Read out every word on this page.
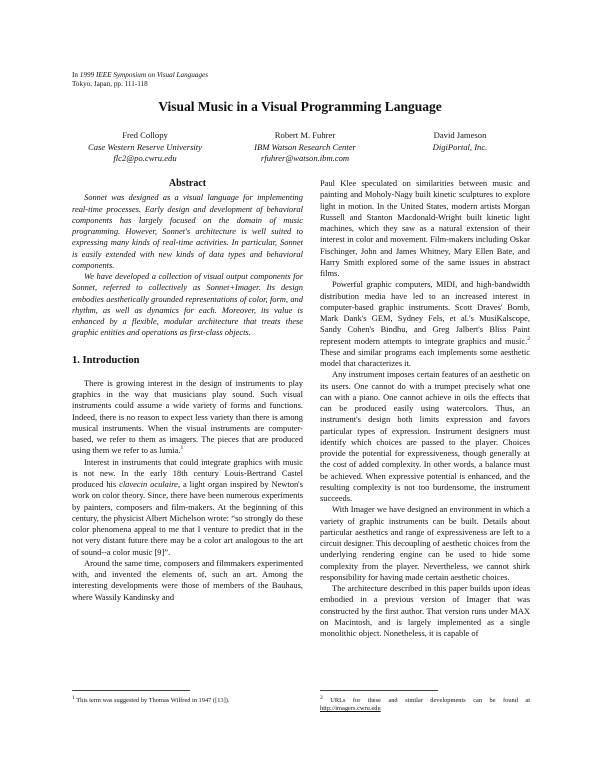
In 1999 IEEE Symposium on Visual Languages
Tokyo, Japan, pp. 111-118
Visual Music in a Visual Programming Language
Fred Collopy
Case Western Reserve University
flc2@po.cwru.edu
Robert M. Fuhrer
IBM Watson Research Center
rfuhrer@watson.ibm.com
David Jameson
DigiPortal, Inc.
Abstract

Sonnet was designed as a visual language for implementing real-time processes. Early design and development of behavioral components has largely focused on the domain of music programming. However, Sonnet's architecture is well suited to expressing many kinds of real-time activities. In particular, Sonnet is easily extended with new kinds of data types and behavioral components.

We have developed a collection of visual output components for Sonnet, referred to collectively as Sonnet+Imager. Its design embodies aesthetically grounded representations of color, form, and rhythm, as well as dynamics for each. Moreover, its value is enhanced by a flexible, modular architecture that treats these graphic entities and operations as first-class objects.

1. Introduction

There is growing interest in the design of instruments to play graphics in the way that musicians play sound. Such visual instruments could assume a wide variety of forms and functions. Indeed, there is no reason to expect less variety than there is among musical instruments. When the visual instruments are computer-based, we refer to them as imagers. The pieces that are produced using them we refer to as lumia.$^1$

Interest in instruments that could integrate graphics with music is not new. In the early 18th century Louis-Bertrand Castel produced his clavecin oculaire, a light organ inspired by Newton's work on color theory. Since, there have been numerous experiments by painters, composers and film-makers. At the beginning of this century, the physicist Albert Michelson wrote: “so strongly do these color phenomena appeal to me that I venture to predict that in the not very distant future there may be a color art analogous to the art of sound--a color music [9]”.

Around the same time, composers and filmmakers experimented with, and invented the elements of, such an art. Among the interesting developments were those of members of the Bauhaus, where Wassily Kandinsky and

Paul Klee speculated on similarities between music and painting and Moholy-Nagy built kinetic sculptures to explore light in motion. In the United States, modern artists Morgan Russell and Stanton Macdonald-Wright built kinetic light machines, which they saw as a natural extension of their interest in color and movement. Film-makers including Oskar Fischinger, John and James Whitney, Mary Ellen Bate, and Harry Smith explored some of the same issues in abstract films.

Powerful graphic computers, MIDI, and high-bandwidth distribution media have led to an increased interest in computer-based graphic instruments. Scott Draves' Bomb, Mark Dank's GEM, Sydney Fels, et al.'s MusiKalscope, Sandy Cohen's Bindhu, and Greg Jalbert's Bliss Paint represent modern attempts to integrate graphics and music.$^2$ These and similar programs each implements some aesthetic model that characterizes it.

Any instrument imposes certain features of an aesthetic on its users. One cannot do with a trumpet precisely what one can with a piano. One cannot achieve in oils the effects that can be produced easily using watercolors. Thus, an instrument's design both limits expression and favors particular types of expression. Instrument designers must identify which choices are passed to the player. Choices provide the potential for expressiveness, though generally at the cost of added complexity. In other words, a balance must be achieved. When expressive potential is enhanced, and the resulting complexity is not too burdensome, the instrument succeeds.

With Imager we have designed an environment in which a variety of graphic instruments can be built. Details about particular aesthetics and range of expressiveness are left to a circuit designer. This decoupling of aesthetic choices from the underlying rendering engine can be used to hide some complexity from the player. Nevertheless, we cannot shirk responsibility for having made certain aesthetic choices.

The architecture described in this paper builds upon ideas embodied in a previous version of Imager that was constructed by the first author. That version runs under MAX on Macintosh, and is largely implemented as a single monolithic object. Nonetheless, it is capable of

$^1$ This term was suggested by Thomas Wilfred in 1947 ([13]).	$^2$ URLs for these and similar developments can be found at http://imagers.cwru.edu
